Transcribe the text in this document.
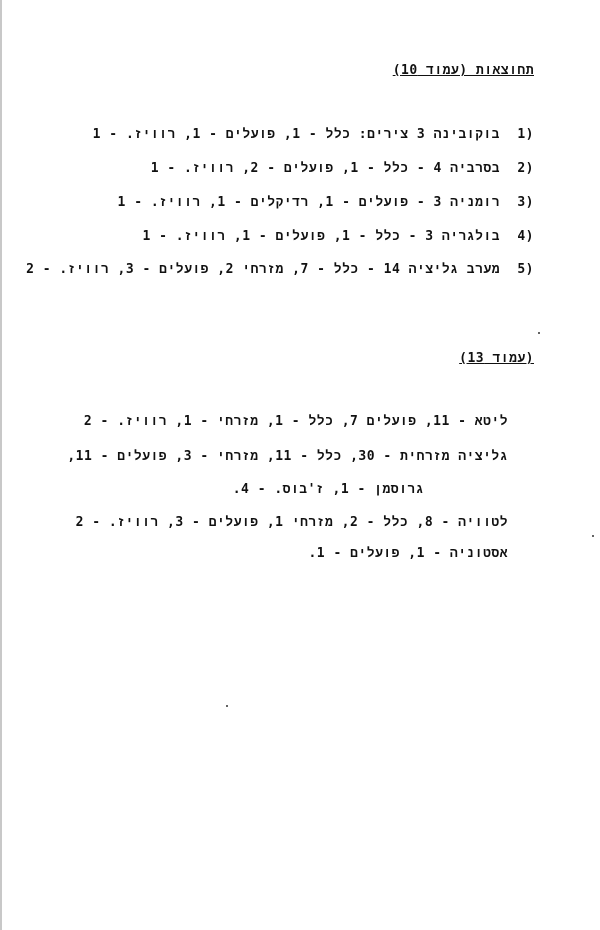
תחוצאות (עמוד 10)
1)
בוקובינה 3 צירים: כלל - 1, פועלים - 1, רוויז. - 1
2)
בסרביה 4 - כלל - 1, פועלים - 2, רוויז. - 1
3)
רומניה 3 - פועלים - 1, רדיקלים - 1, רוויז. - 1
4)
בולגריה 3 - כלל - 1, פועלים - 1, רוויז. - 1
5)
מערב גליציה 14 - כלל - 7, מזרחי 2, פועלים - 3, רוויז. - 2
(עמוד 13)
ליטא - 11, פועלים 7, כלל - 1, מזרחי - 1, רוויז. - 2
גליציה מזרחית - 30, כלל - 11, מזרחי - 3, פועלים - 11,
גרוסמן - 1, ז'בוס. - 4.
לטוויה - 8, כלל - 2, מזרחי 1, פועלים - 3, רוויז. - 2
אסטוניה - 1, פועלים - 1.
